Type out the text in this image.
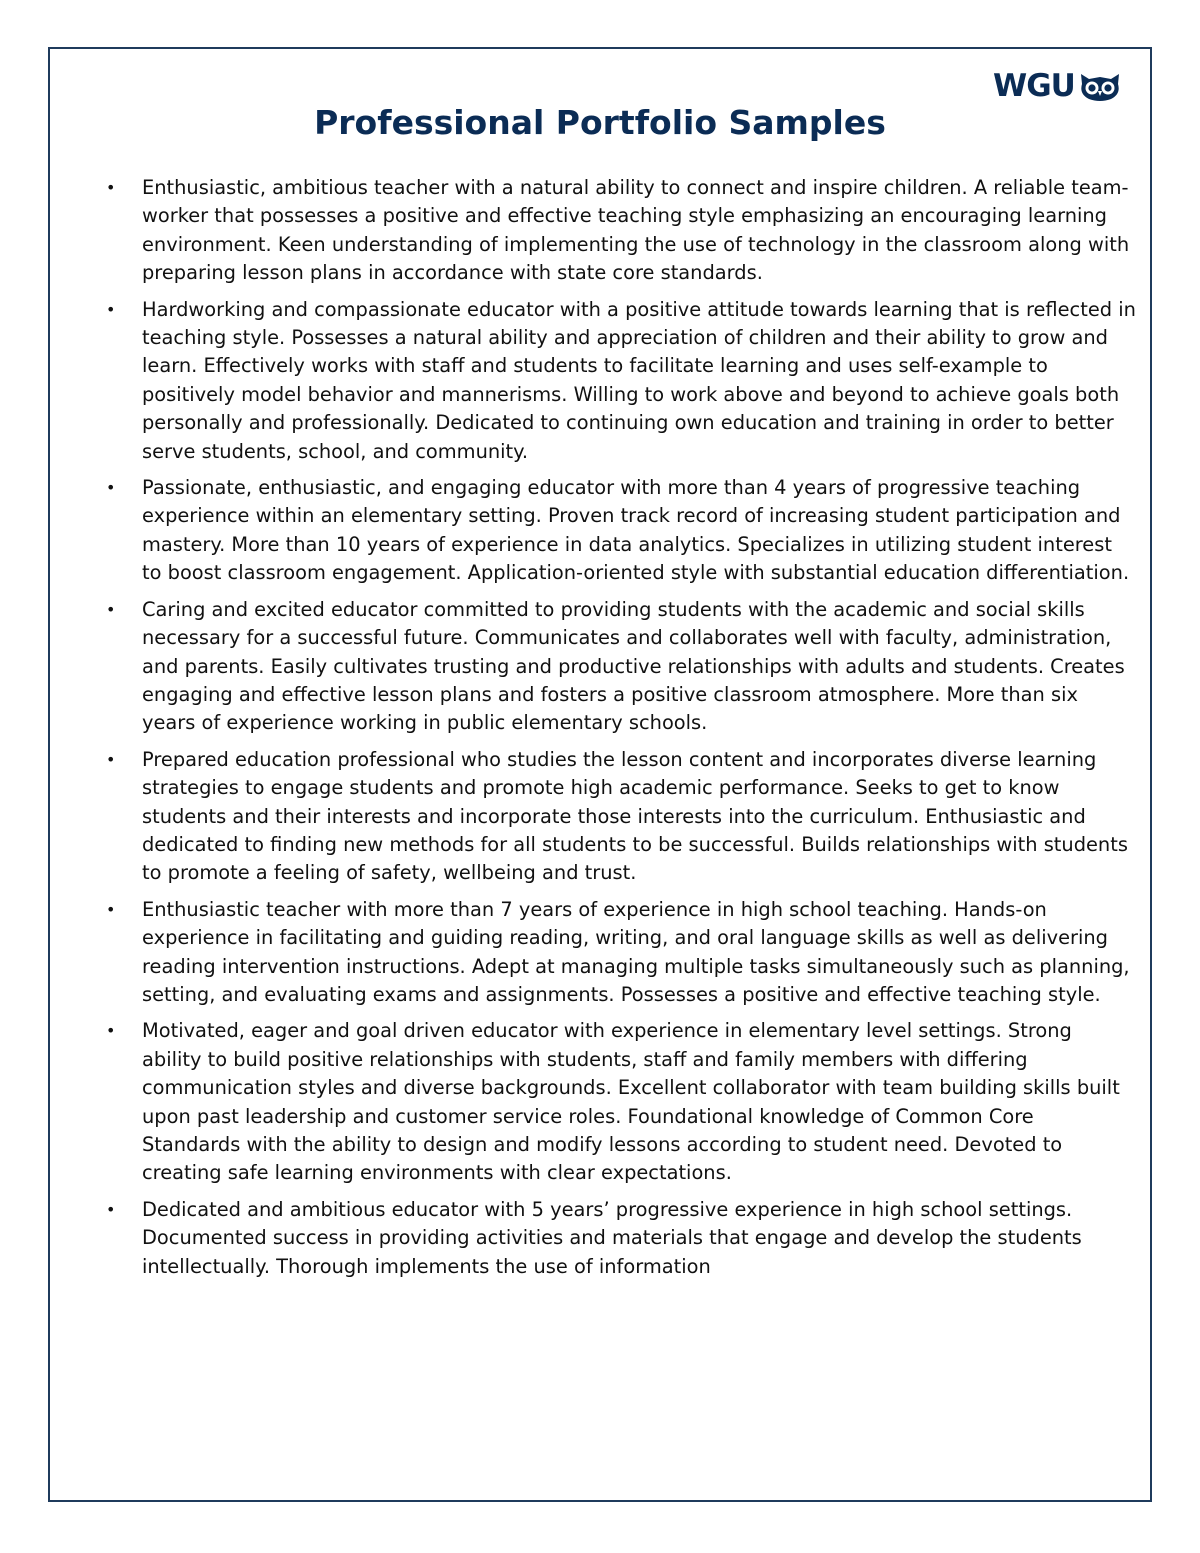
WGU
Professional Portfolio Samples
• Enthusiastic, ambitious teacher with a natural ability to connect and inspire children. A reliable team-worker that possesses a positive and effective teaching style emphasizing an encouraging learning environment. Keen understanding of implementing the use of technology in the classroom along with preparing lesson plans in accordance with state core standards.
• Hardworking and compassionate educator with a positive attitude towards learning that is reflected in teaching style. Possesses a natural ability and appreciation of children and their ability to grow and learn. Effectively works with staff and students to facilitate learning and uses self-example to positively model behavior and mannerisms. Willing to work above and beyond to achieve goals both personally and professionally. Dedicated to continuing own education and training in order to better serve students, school, and community.
• Passionate, enthusiastic, and engaging educator with more than 4 years of progressive teaching experience within an elementary setting. Proven track record of increasing student participation and mastery. More than 10 years of experience in data analytics. Specializes in utilizing student interest to boost classroom engagement. Application-oriented style with substantial education differentiation.
• Caring and excited educator committed to providing students with the academic and social skills necessary for a successful future. Communicates and collaborates well with faculty, administration, and parents. Easily cultivates trusting and productive relationships with adults and students. Creates engaging and effective lesson plans and fosters a positive classroom atmosphere. More than six years of experience working in public elementary schools.
• Prepared education professional who studies the lesson content and incorporates diverse learning strategies to engage students and promote high academic performance. Seeks to get to know students and their interests and incorporate those interests into the curriculum. Enthusiastic and dedicated to finding new methods for all students to be successful. Builds relationships with students to promote a feeling of safety, wellbeing and trust.
• Enthusiastic teacher with more than 7 years of experience in high school teaching. Hands-on experience in facilitating and guiding reading, writing, and oral language skills as well as delivering reading intervention instructions. Adept at managing multiple tasks simultaneously such as planning, setting, and evaluating exams and assignments. Possesses a positive and effective teaching style.
• Motivated, eager and goal driven educator with experience in elementary level settings. Strong ability to build positive relationships with students, staff and family members with differing communication styles and diverse backgrounds. Excellent collaborator with team building skills built upon past leadership and customer service roles. Foundational knowledge of Common Core Standards with the ability to design and modify lessons according to student need. Devoted to creating safe learning environments with clear expectations.
• Dedicated and ambitious educator with 5 years’ progressive experience in high school settings. Documented success in providing activities and materials that engage and develop the students intellectually. Thorough implements the use of information
